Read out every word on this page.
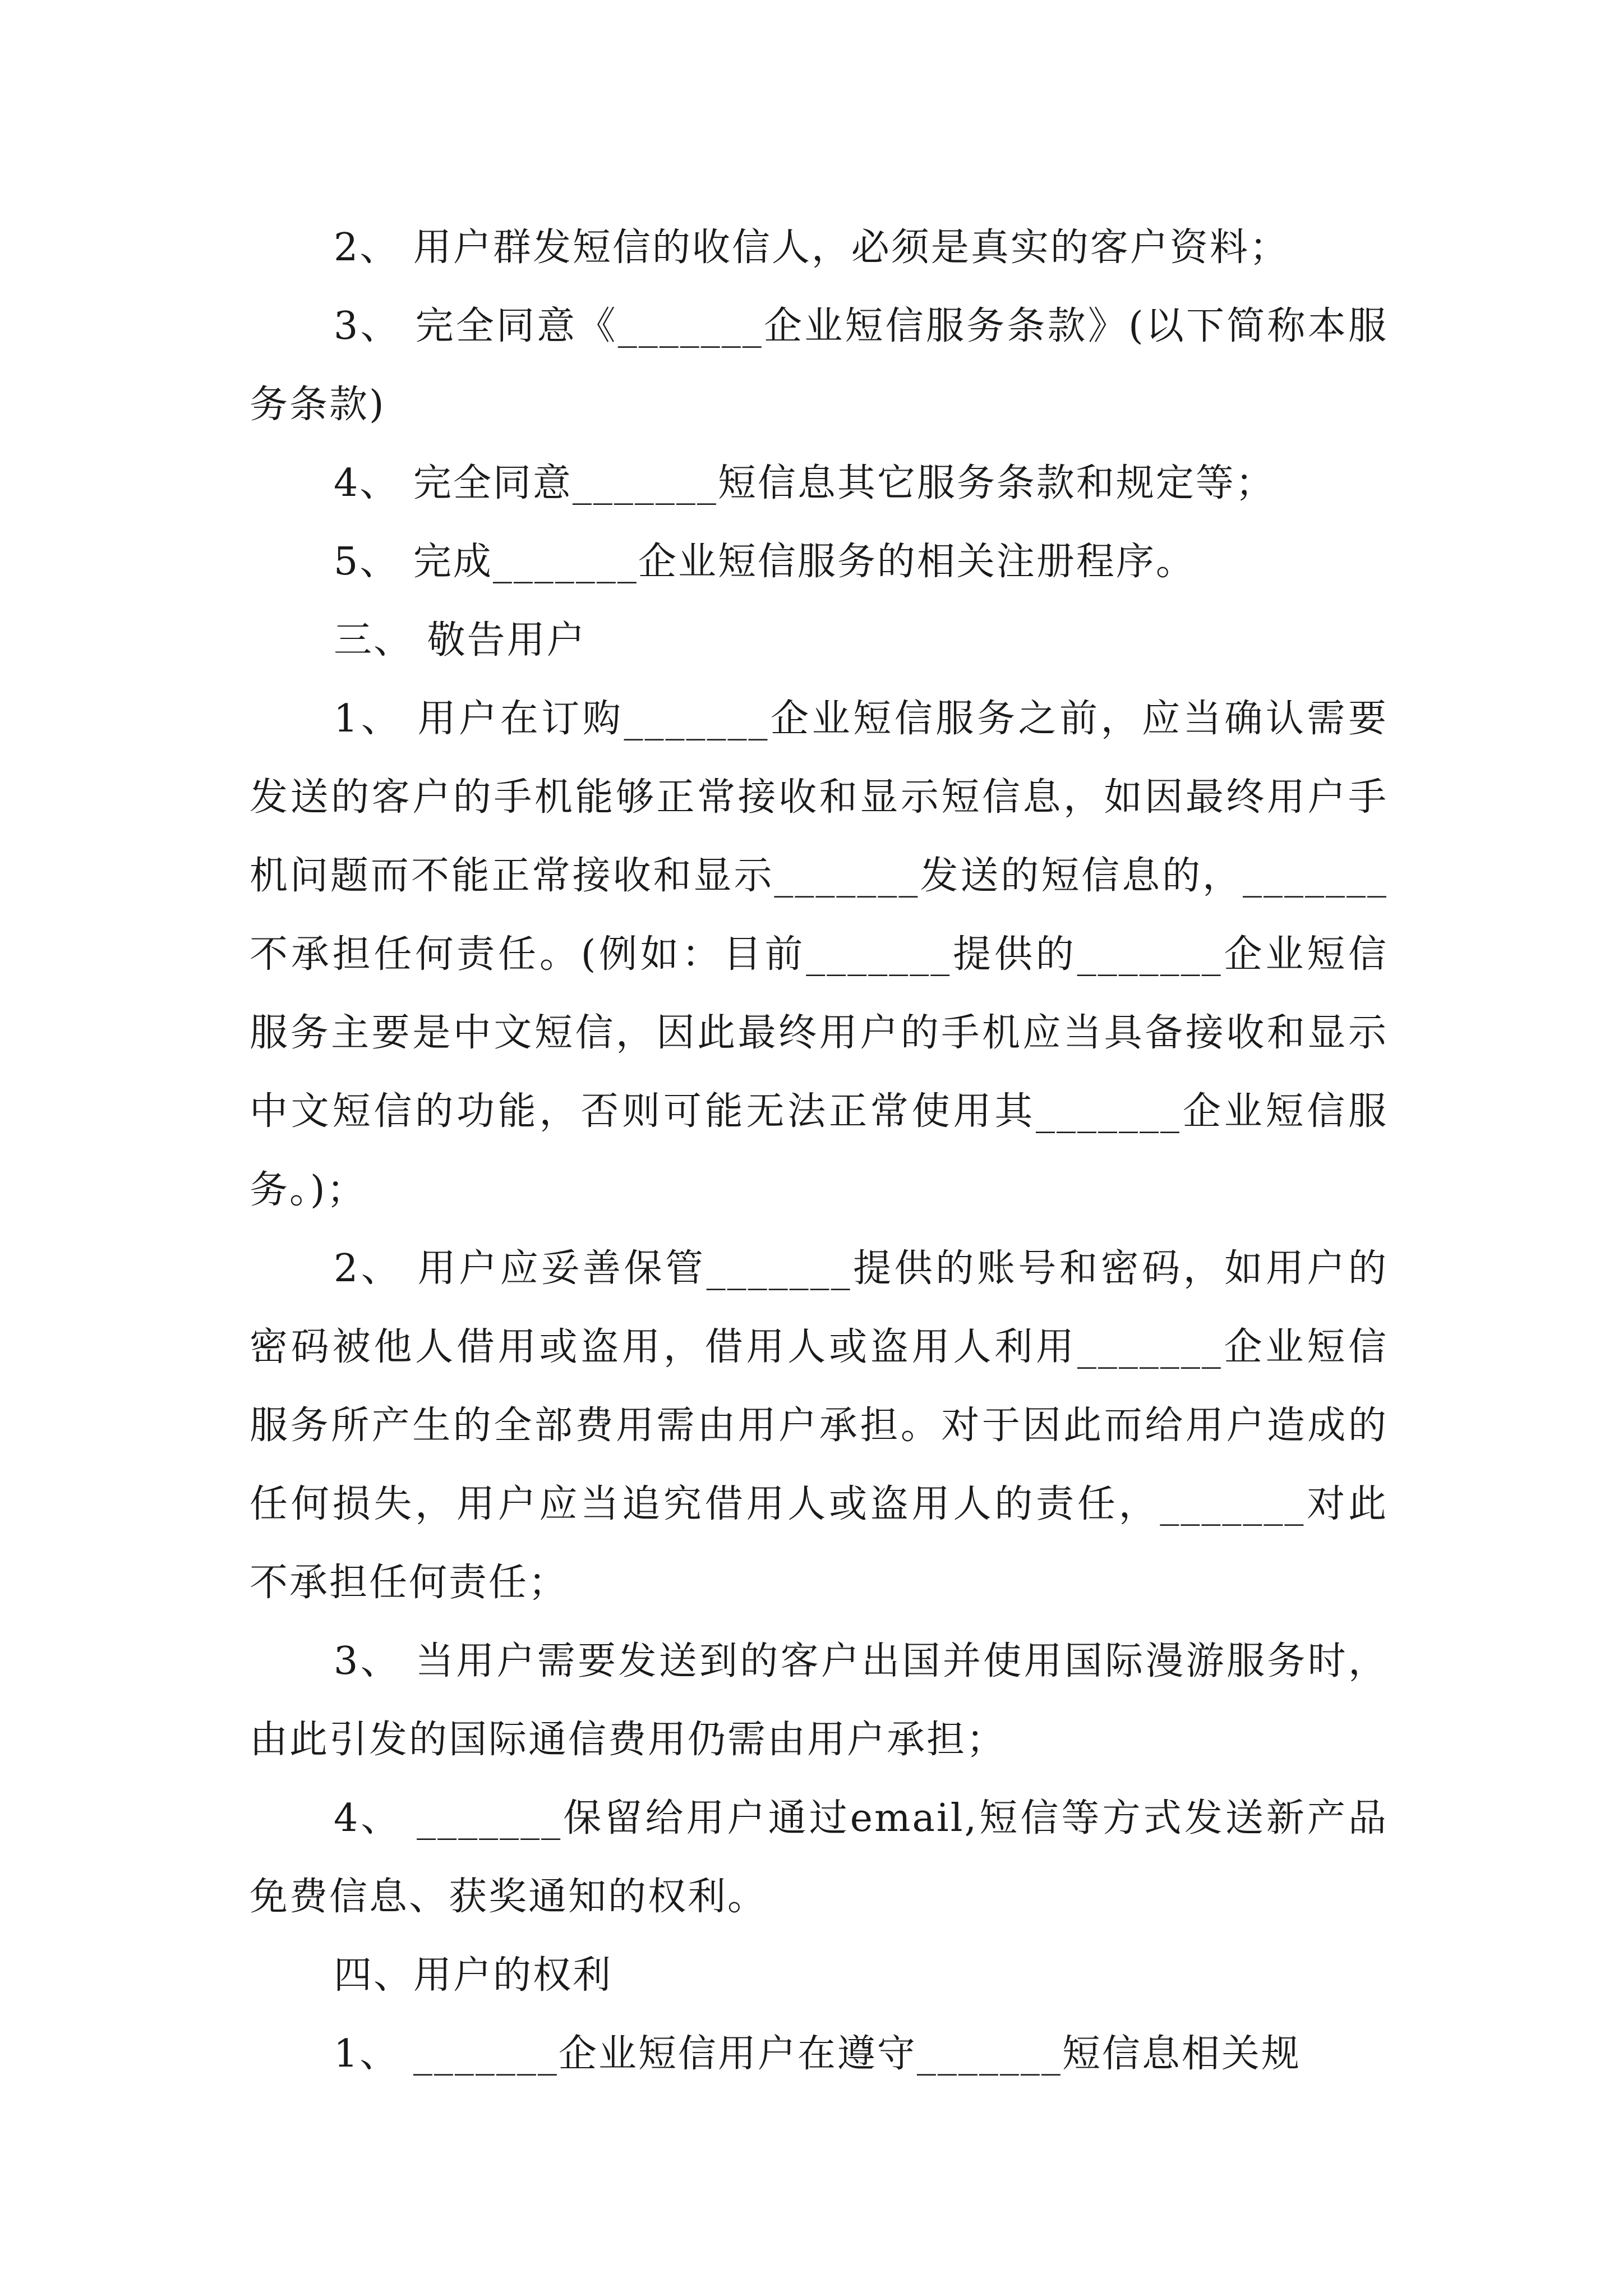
2、 用户群发短信的收信人，必须是真实的客户资料；

3、 完全同意《_______企业短信服务条款》(以下简称本服务条款)

4、 完全同意_______短信息其它服务条款和规定等；

5、 完成_______企业短信服务的相关注册程序。

三、 敬告用户

1、 用户在订购_______企业短信服务之前，应当确认需要发送的客户的手机能够正常接收和显示短信息，如因最终用户手机问题而不能正常接收和显示_______发送的短信息的，_______不承担任何责任。(例如：目前_______提供的_______企业短信服务主要是中文短信，因此最终用户的手机应当具备接收和显示中文短信的功能，否则可能无法正常使用其_______企业短信服务。)；

2、 用户应妥善保管_______提供的账号和密码，如用户的密码被他人借用或盗用，借用人或盗用人利用_______企业短信服务所产生的全部费用需由用户承担。对于因此而给用户造成的任何损失，用户应当追究借用人或盗用人的责任，_______对此不承担任何责任；

3、 当用户需要发送到的客户出国并使用国际漫游服务时，由此引发的国际通信费用仍需由用户承担；

4、 _______保留给用户通过email,短信等方式发送新产品免费信息、获奖通知的权利。

四、用户的权利

1、 _______企业短信用户在遵守_______短信息相关规
